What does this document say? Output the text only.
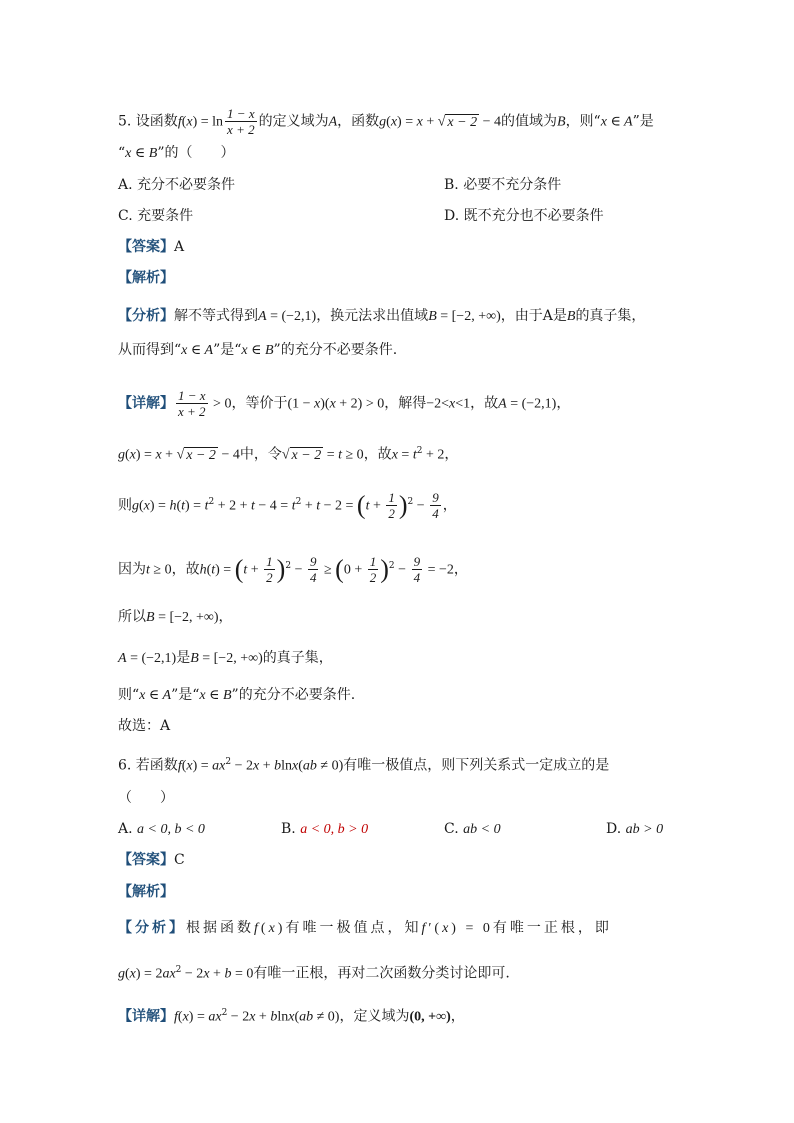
5. 设函数$f(x) = \ln \frac{1 - x}{x + 2}$ 的定义域为A，函数g(x) = x + √ x − 2 − 4的值域为B，则“x ∈ A”是
“x ∈ B”的（　　）
A. 充分不必要条件	B. 必要不充分条件
C. 充要条件	D. 既不充分也不必要条件
【答案】A
【解析】
【分析】解不等式得到A = (−2,1)，换元法求出值域B = [−2, +∞)，由于A是B的真子集，
从而得到“x ∈ A”是“x ∈ B”的充分不必要条件.
【详解】 $\frac{1 - x}{x + 2} > 0$，等价于(1 − x)(x + 2) > 0，解得−2<x<1，故A = (−2,1)，
g(x) = x + √ x − 2 − 4中，令√ x − 2 = t ≥ 0，故$x = t^2 + 2$，
则$g(x) = h(t) = t^2 + 2 + t - 4 = t^2 + t - 2 = (t + \frac{1}{2} )^2 - \frac{9}{4}$ ，
因为t ≥ 0，故$h(t) = (t + \frac{1}{2} )^2 - \frac{9}{4} \ge (0 + \frac{1}{2} )^2 - \frac{9}{4} = -2$，
所以B = [−2, +∞)，
A = (−2,1)是B = [−2, +∞)的真子集，
则“x ∈ A”是“x ∈ B”的充分不必要条件.
故选：A
6. 若函数$f(x) = ax^2 - 2x + blnx(ab \ne 0)$有唯一极值点，则下列关系式一定成立的是
（　　）
A. a < 0, b < 0	B. a < 0, b > 0	C. ab < 0	D. ab > 0
【答案】C
【解析】
【分析】根据函数f(x)有唯一极值点，知f′(x) = 0有唯一正根，即
$g(x) = 2ax^2 - 2x + b = 0$有唯一正根，再对二次函数分类讨论即可.
【详解】$f(x) = ax^2 - 2x + blnx(ab \ne 0)$，定义域为(0, +∞)，
